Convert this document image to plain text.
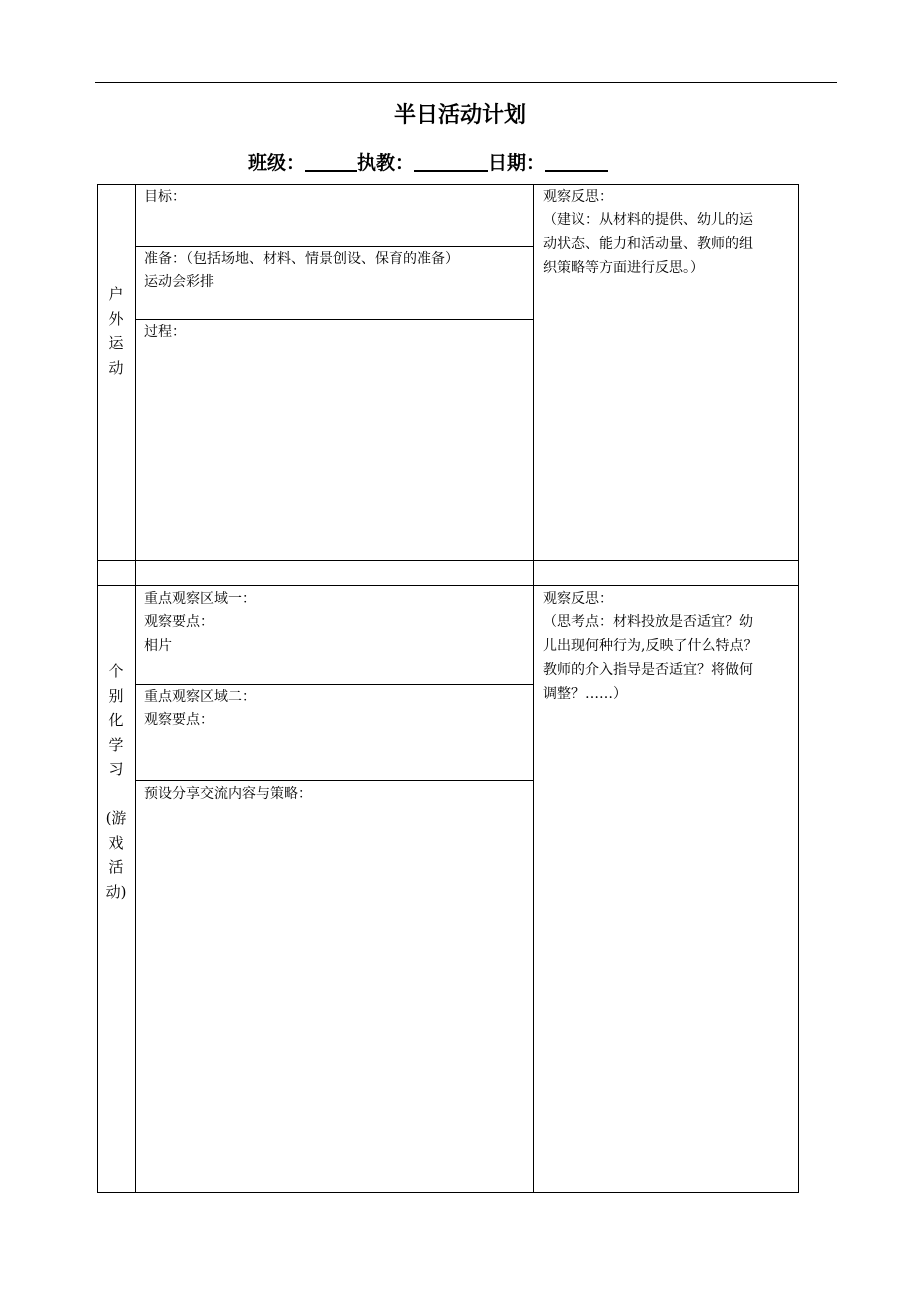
半日活动计划
班级：	执教：	日期：
户
外
运
动
目标：
准备：（包括场地、材料、情景创设、保育的准备）
运动会彩排
过程：
观察反思：
（建议：从材料的提供、幼儿的运
动状态、能力和活动量、教师的组
织策略等方面进行反思。）
个
别
化
学
习
(游
戏
活
动)
重点观察区域一：
观察要点：
相片
重点观察区域二：
观察要点：
预设分享交流内容与策略：
观察反思：
（思考点：材料投放是否适宜？幼
儿出现何种行为,反映了什么特点？
教师的介入指导是否适宜？将做何
调整？……）
